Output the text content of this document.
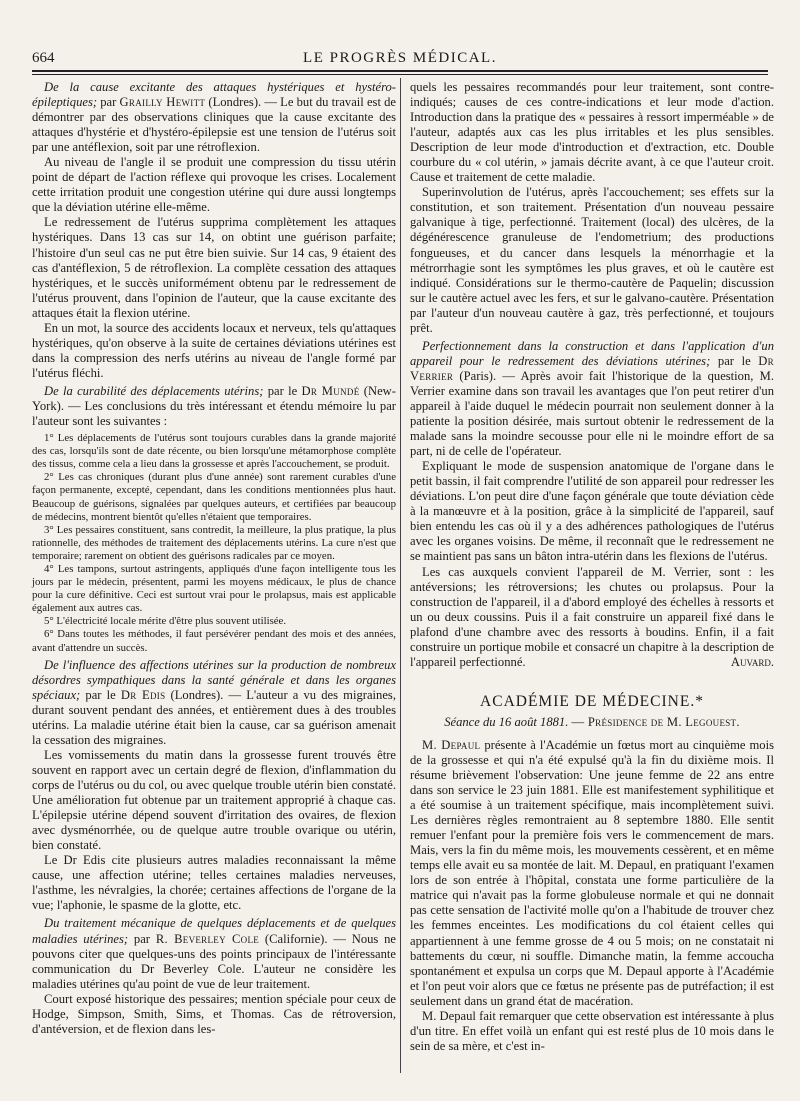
664	LE PROGRÈS MÉDICAL.

De la cause excitante des attaques hystériques et hystéro-épileptiques; par Grailly Hewitt (Londres). — Le but du travail est de démontrer par des observations cliniques que la cause excitante des attaques d'hystérie et d'hystéro-épilepsie est une tension de l'utérus soit par une antéflexion, soit par une rétroflexion.

Au niveau de l'angle il se produit une compression du tissu utérin point de départ de l'action réflexe qui provoque les crises. Localement cette irritation produit une congestion utérine qui dure aussi longtemps que la déviation utérine elle-même.

Le redressement de l'utérus supprima complètement les attaques hystériques. Dans 13 cas sur 14, on obtint une guérison parfaite; l'histoire d'un seul cas ne put être bien suivie. Sur 14 cas, 9 étaient des cas d'antéflexion, 5 de rétroflexion. La complète cessation des attaques hystériques, et le succès uniformément obtenu par le redressement de l'utérus prouvent, dans l'opinion de l'auteur, que la cause excitante des attaques était la flexion utérine.

En un mot, la source des accidents locaux et nerveux, tels qu'attaques hystériques, qu'on observe à la suite de certaines déviations utérines est dans la compression des nerfs utérins au niveau de l'angle formé par l'utérus fléchi.

De la curabilité des déplacements utérins; par le Dr Mundé (New-York). — Les conclusions du très intéressant et étendu mémoire lu par l'auteur sont les suivantes :

1° Les déplacements de l'utérus sont toujours curables dans la grande majorité des cas, lorsqu'ils sont de date récente, ou bien lorsqu'une métamorphose complète des tissus, comme cela a lieu dans la grossesse et après l'accouchement, se produit.

2° Les cas chroniques (durant plus d'une année) sont rarement curables d'une façon permanente, excepté, cependant, dans les conditions mentionnées plus haut. Beaucoup de guérisons, signalées par quelques auteurs, et certifiées par beaucoup de médecins, montrent bientôt qu'elles n'étaient que temporaires.

3° Les pessaires constituent, sans contredit, la meilleure, la plus pratique, la plus rationnelle, des méthodes de traitement des déplacements utérins. La cure n'est que temporaire; rarement on obtient des guérisons radicales par ce moyen.

4° Les tampons, surtout astringents, appliqués d'une façon intelligente tous les jours par le médecin, présentent, parmi les moyens médicaux, le plus de chance pour la cure définitive. Ceci est surtout vrai pour le prolapsus, mais est applicable également aux autres cas.

5° L'électricité locale mérite d'être plus souvent utilisée.

6° Dans toutes les méthodes, il faut persévérer pendant des mois et des années, avant d'attendre un succès.

De l'influence des affections utérines sur la production de nombreux désordres sympathiques dans la santé générale et dans les organes spéciaux; par le Dr Edis (Londres). — L'auteur a vu des migraines, durant souvent pendant des années, et entièrement dues à des troubles utérins. La maladie utérine était bien la cause, car sa guérison amenait la cessation des migraines.

Les vomissements du matin dans la grossesse furent trouvés être souvent en rapport avec un certain degré de flexion, d'inflammation du corps de l'utérus ou du col, ou avec quelque trouble utérin bien constaté. Une amélioration fut obtenue par un traitement approprié à chaque cas. L'épilepsie utérine dépend souvent d'irritation des ovaires, de flexion avec dysménorrhée, ou de quelque autre trouble ovarique ou utérin, bien constaté.

Le Dr Edis cite plusieurs autres maladies reconnaissant la même cause, une affection utérine; telles certaines maladies nerveuses, l'asthme, les névralgies, la chorée; certaines affections de l'organe de la vue; l'aphonie, le spasme de la glotte, etc.

Du traitement mécanique de quelques déplacements et de quelques maladies utérines; par R. Beverley Cole (Californie). — Nous ne pouvons citer que quelques-uns des points principaux de l'intéressante communication du Dr Beverley Cole. L'auteur ne considère les maladies utérines qu'au point de vue de leur traitement.

Court exposé historique des pessaires; mention spéciale pour ceux de Hodge, Simpson, Smith, Sims, et Thomas. Cas de rétroversion, d'antéversion, et de flexion dans les-

quels les pessaires recommandés pour leur traitement, sont contre-indiqués; causes de ces contre-indications et leur mode d'action. Introduction dans la pratique des « pessaires à ressort imperméable » de l'auteur, adaptés aux cas les plus irritables et les plus sensibles. Description de leur mode d'introduction et d'extraction, etc. Double courbure du « col utérin, » jamais décrite avant, à ce que l'auteur croit. Cause et traitement de cette maladie.

Superinvolution de l'utérus, après l'accouchement; ses effets sur la constitution, et son traitement. Présentation d'un nouveau pessaire galvanique à tige, perfectionné. Traitement (local) des ulcères, de la dégénérescence granuleuse de l'endometrium; des productions fongueuses, et du cancer dans lesquels la ménorrhagie et la métrorrhagie sont les symptômes les plus graves, et où le cautère est indiqué. Considérations sur le thermo-cautère de Paquelin; discussion sur le cautère actuel avec les fers, et sur le galvano-cautère. Présentation par l'auteur d'un nouveau cautère à gaz, très perfectionné, et toujours prêt.

Perfectionnement dans la construction et dans l'application d'un appareil pour le redressement des déviations utérines; par le Dr Verrier (Paris). — Après avoir fait l'historique de la question, M. Verrier examine dans son travail les avantages que l'on peut retirer d'un appareil à l'aide duquel le médecin pourrait non seulement donner à la patiente la position désirée, mais surtout obtenir le redressement de la malade sans la moindre secousse pour elle ni le moindre effort de sa part, ni de celle de l'opérateur.

Expliquant le mode de suspension anatomique de l'organe dans le petit bassin, il fait comprendre l'utilité de son appareil pour redresser les déviations. L'on peut dire d'une façon générale que toute déviation cède à la manœuvre et à la position, grâce à la simplicité de l'appareil, sauf bien entendu les cas où il y a des adhérences pathologiques de l'utérus avec les organes voisins. De même, il reconnaît que le redressement ne se maintient pas sans un bâton intra-utérin dans les flexions de l'utérus.

Les cas auxquels convient l'appareil de M. Verrier, sont : les antéversions; les rétroversions; les chutes ou prolapsus. Pour la construction de l'appareil, il a d'abord employé des échelles à ressorts et un ou deux coussins. Puis il a fait construire un appareil fixé dans le plafond d'une chambre avec des ressorts à boudins. Enfin, il a fait construire un portique mobile et consacré un chapitre à la description de l'appareil perfectionné.	Auvard.

ACADÉMIE DE MÉDECINE.*
Séance du 16 août 1881. — Présidence de M. Legouest.

M. Depaul présente à l'Académie un fœtus mort au cinquième mois de la grossesse et qui n'a été expulsé qu'à la fin du dixième mois. Il résume brièvement l'observation: Une jeune femme de 22 ans entre dans son service le 23 juin 1881. Elle est manifestement syphilitique et a été soumise à un traitement spécifique, mais incomplètement suivi. Les dernières règles remontraient au 8 septembre 1880. Elle sentit remuer l'enfant pour la première fois vers le commencement de mars. Mais, vers la fin du même mois, les mouvements cessèrent, et en même temps elle avait eu sa montée de lait. M. Depaul, en pratiquant l'examen lors de son entrée à l'hôpital, constata une forme particulière de la matrice qui n'avait pas la forme globuleuse normale et qui ne donnait pas cette sensation de l'activité molle qu'on a l'habitude de trouver chez les femmes enceintes. Les modifications du col étaient celles qui appartiennent à une femme grosse de 4 ou 5 mois; on ne constatait ni battements du cœur, ni souffle. Dimanche matin, la femme accoucha spontanément et expulsa un corps que M. Depaul apporte à l'Académie et l'on peut voir alors que ce fœtus ne présente pas de putréfaction; il est seulement dans un grand état de macération.

M. Depaul fait remarquer que cette observation est intéressante à plus d'un titre. En effet voilà un enfant qui est resté plus de 10 mois dans le sein de sa mère, et c'est in-
